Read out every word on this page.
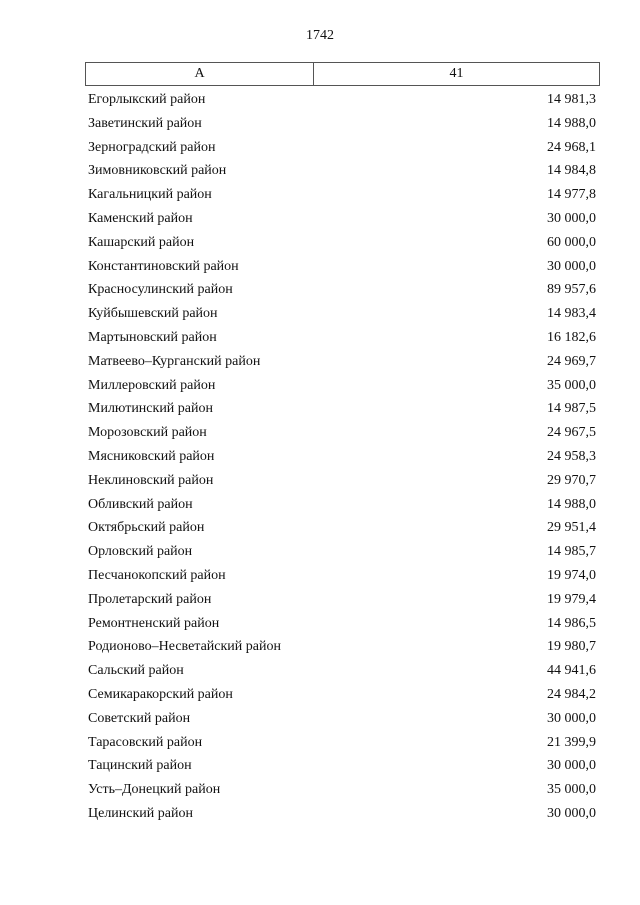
1742
А	41
Егорлыкский район	14 981,3
Заветинский район	14 988,0
Зерноградский район	24 968,1
Зимовниковский район	14 984,8
Кагальницкий район	14 977,8
Каменский район	30 000,0
Кашарский район	60 000,0
Константиновский район	30 000,0
Красносулинский район	89 957,6
Куйбышевский район	14 983,4
Мартыновский район	16 182,6
Матвеево–Курганский район	24 969,7
Миллеровский район	35 000,0
Милютинский район	14 987,5
Морозовский район	24 967,5
Мясниковский район	24 958,3
Неклиновский район	29 970,7
Обливский район	14 988,0
Октябрьский район	29 951,4
Орловский район	14 985,7
Песчанокопский район	19 974,0
Пролетарский район	19 979,4
Ремонтненский район	14 986,5
Родионово–Несветайский район	19 980,7
Сальский район	44 941,6
Семикаракорский район	24 984,2
Советский район	30 000,0
Тарасовский район	21 399,9
Тацинский район	30 000,0
Усть–Донецкий район	35 000,0
Целинский район	30 000,0
